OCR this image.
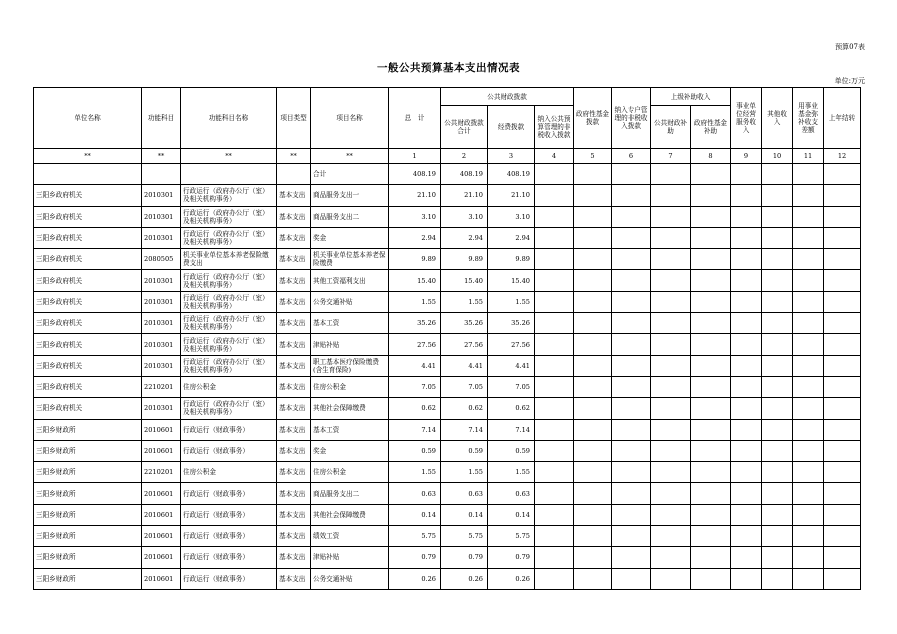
预算07表
一般公共预算基本支出情况表
单位:万元
单位名称	功能科目	功能科目名称	项目类型	项目名称	总　计	公共财政拨款			政府性基金拨款	纳入专户管理的非税收入拨款	上级补助收入		事业单位经营服务收入	其他收入	用事业基金弥补收支差额	上年结转
						公共财政拨款合计	经费拨款	纳入公共预算管理的非税收入拨款			公共财政补助	政府性基金补助				

**	**	**	**	**	1	2	3	4	5	6	7	8	9	10	11	12
				合计	408.19	408.19	408.19									
三阳乡政府机关	2010301	行政运行（政府办公厅（室）及相关机构事务）	基本支出	商品服务支出一	21.10	21.10	21.10									
三阳乡政府机关	2010301	行政运行（政府办公厅（室）及相关机构事务）	基本支出	商品服务支出二	3.10	3.10	3.10									
三阳乡政府机关	2010301	行政运行（政府办公厅（室）及相关机构事务）	基本支出	奖金	2.94	2.94	2.94									
三阳乡政府机关	2080505	机关事业单位基本养老保险缴费支出	基本支出	机关事业单位基本养老保险缴费	9.89	9.89	9.89									
三阳乡政府机关	2010301	行政运行（政府办公厅（室）及相关机构事务）	基本支出	其他工资福利支出	15.40	15.40	15.40									
三阳乡政府机关	2010301	行政运行（政府办公厅（室）及相关机构事务）	基本支出	公务交通补贴	1.55	1.55	1.55									
三阳乡政府机关	2010301	行政运行（政府办公厅（室）及相关机构事务）	基本支出	基本工资	35.26	35.26	35.26									
三阳乡政府机关	2010301	行政运行（政府办公厅（室）及相关机构事务）	基本支出	津贴补贴	27.56	27.56	27.56									
三阳乡政府机关	2010301	行政运行（政府办公厅（室）及相关机构事务）	基本支出	职工基本医疗保险缴费(含生育保险)	4.41	4.41	4.41									
三阳乡政府机关	2210201	住房公积金	基本支出	住房公积金	7.05	7.05	7.05									
三阳乡政府机关	2010301	行政运行（政府办公厅（室）及相关机构事务）	基本支出	其他社会保障缴费	0.62	0.62	0.62									
三阳乡财政所	2010601	行政运行（财政事务）	基本支出	基本工资	7.14	7.14	7.14									
三阳乡财政所	2010601	行政运行（财政事务）	基本支出	奖金	0.59	0.59	0.59									
三阳乡财政所	2210201	住房公积金	基本支出	住房公积金	1.55	1.55	1.55									
三阳乡财政所	2010601	行政运行（财政事务）	基本支出	商品服务支出二	0.63	0.63	0.63									
三阳乡财政所	2010601	行政运行（财政事务）	基本支出	其他社会保障缴费	0.14	0.14	0.14									
三阳乡财政所	2010601	行政运行（财政事务）	基本支出	绩效工资	5.75	5.75	5.75									
三阳乡财政所	2010601	行政运行（财政事务）	基本支出	津贴补贴	0.79	0.79	0.79									
三阳乡财政所	2010601	行政运行（财政事务）	基本支出	公务交通补贴	0.26	0.26	0.26									
